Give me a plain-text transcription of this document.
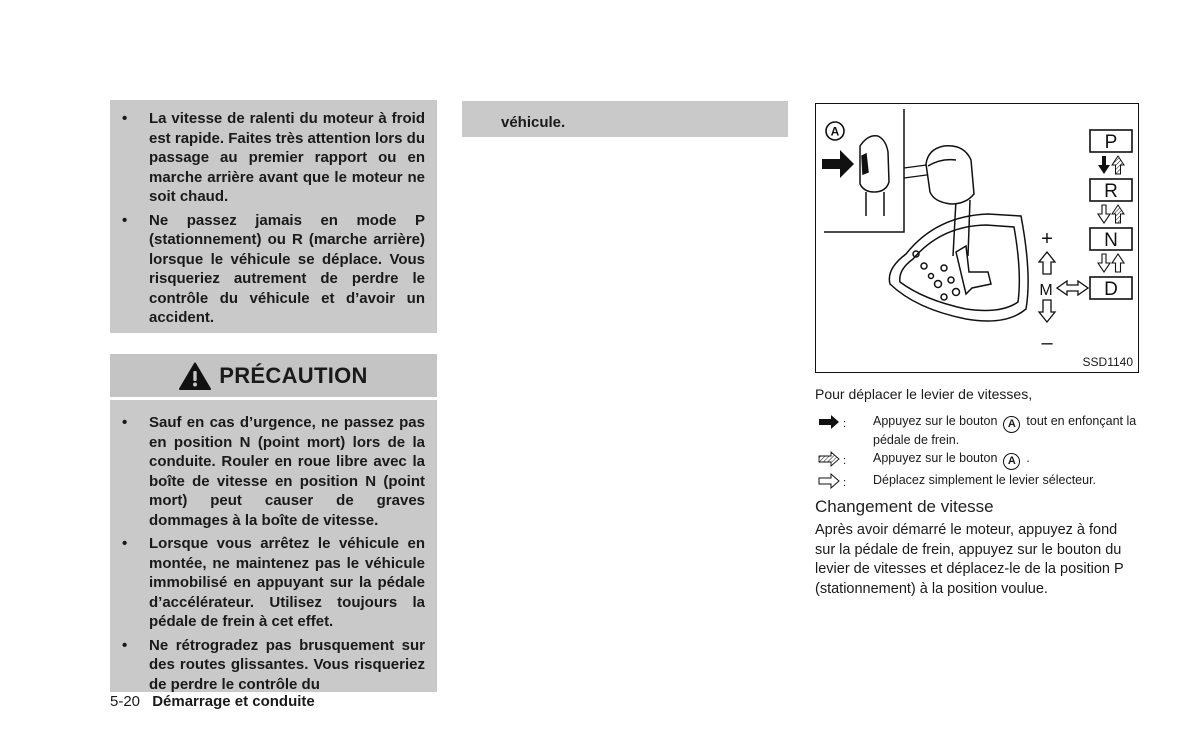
• La vitesse de ralenti du moteur à froid est rapide. Faites très attention lors du passage au premier rapport ou en marche arrière avant que le moteur ne soit chaud.
• Ne passez jamais en mode P (stationnement) ou R (marche arrière) lorsque le véhicule se déplace. Vous risqueriez autrement de perdre le contrôle du véhicule et d’avoir un accident.
PRÉCAUTION
• Sauf en cas d’urgence, ne passez pas en position N (point mort) lors de la conduite. Rouler en roue libre avec la boîte de vitesse en position N (point mort) peut causer de graves dommages à la boîte de vitesse.
• Lorsque vous arrêtez le véhicule en montée, ne maintenez pas le véhicule immobilisé en appuyant sur la pédale d’accélérateur. Utilisez toujours la pédale de frein à cet effet.
• Ne rétrogradez pas brusquement sur des routes glissantes. Vous risqueriez de perdre le contrôle du
véhicule.
5-20 Démarrage et conduite
A
+
–
M
P
R
N
D
SSD1140
Pour déplacer le levier de vitesses,
: Appuyez sur le bouton A tout en enfonçant la pédale de frein.
: Appuyez sur le bouton A .
: Déplacez simplement le levier sélecteur.
Changement de vitesse
Après avoir démarré le moteur, appuyez à fond sur la pédale de frein, appuyez sur le bouton du levier de vitesses et déplacez-le de la position P (stationnement) à la position voulue.
